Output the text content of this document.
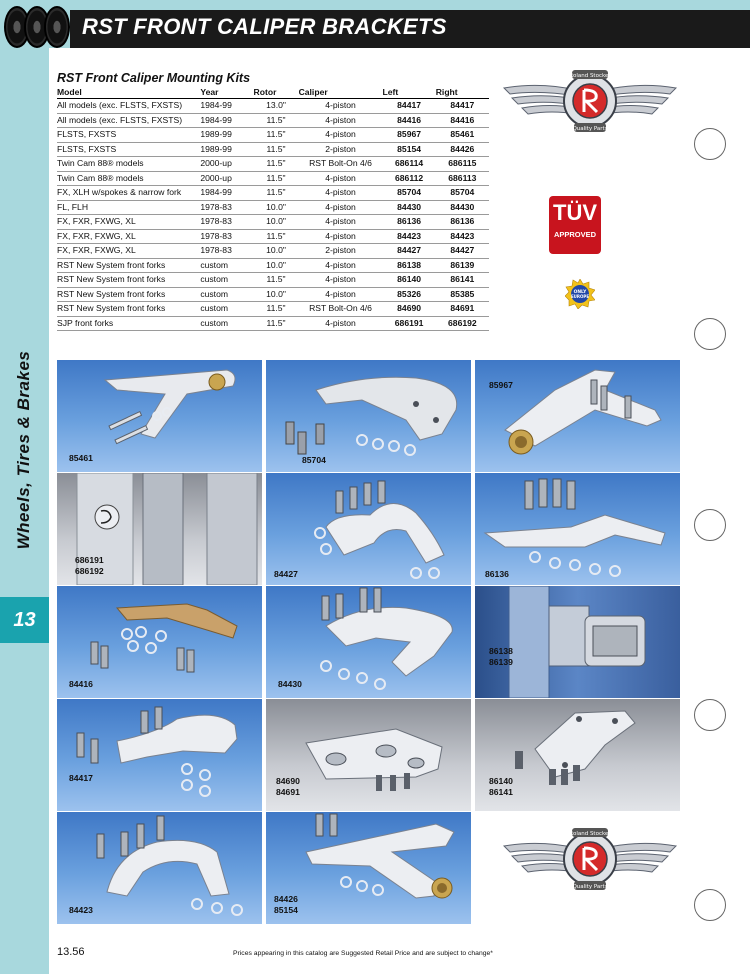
RST FRONT CALIPER BRACKETS
Wheels, Tires & Brakes
13
RST Front Caliper Mounting Kits
Model	Year	Rotor	Caliper	Left	Right
All models (exc. FLSTS, FXSTS)	1984-99	13.0"	4-piston	84417	84417
All models (exc. FLSTS, FXSTS)	1984-99	11.5"	4-piston	84416	84416
FLSTS, FXSTS	1989-99	11.5"	4-piston	85967	85461
FLSTS, FXSTS	1989-99	11.5"	2-piston	85154	84426
Twin Cam 88® models	2000-up	11.5"	RST Bolt-On 4/6	686114	686115
Twin Cam 88® models	2000-up	11.5"	4-piston	686112	686113
FX, XLH w/spokes & narrow fork	1984-99	11.5"	4-piston	85704	85704
FL, FLH	1978-83	10.0"	4-piston	84430	84430
FX, FXR, FXWG, XL	1978-83	10.0"	4-piston	86136	86136
FX, FXR, FXWG, XL	1978-83	11.5"	4-piston	84423	84423
FX, FXR, FXWG, XL	1978-83	10.0"	2-piston	84427	84427
RST New System front forks	custom	10.0"	4-piston	86138	86139
RST New System front forks	custom	11.5"	4-piston	86140	86141
RST New System front forks	custom	10.0"	4-piston	85326	85385
RST New System front forks	custom	11.5"	RST Bolt-On 4/6	84690	84691
SJP front forks	custom	11.5"	4-piston	686191	686192
Roland Stocker
Quality Parts
TÜV
APPROVED
ONLY
EUROPE
85461	85704
85967
686191
686192	84427	86136
84416	84430
86138
86139
84417	84690
84691
86140
86141
84423
84426
85154
Roland Stocker
Quality Parts
13.56	Prices appearing in this catalog are Suggested Retail Price and are subject to change*
